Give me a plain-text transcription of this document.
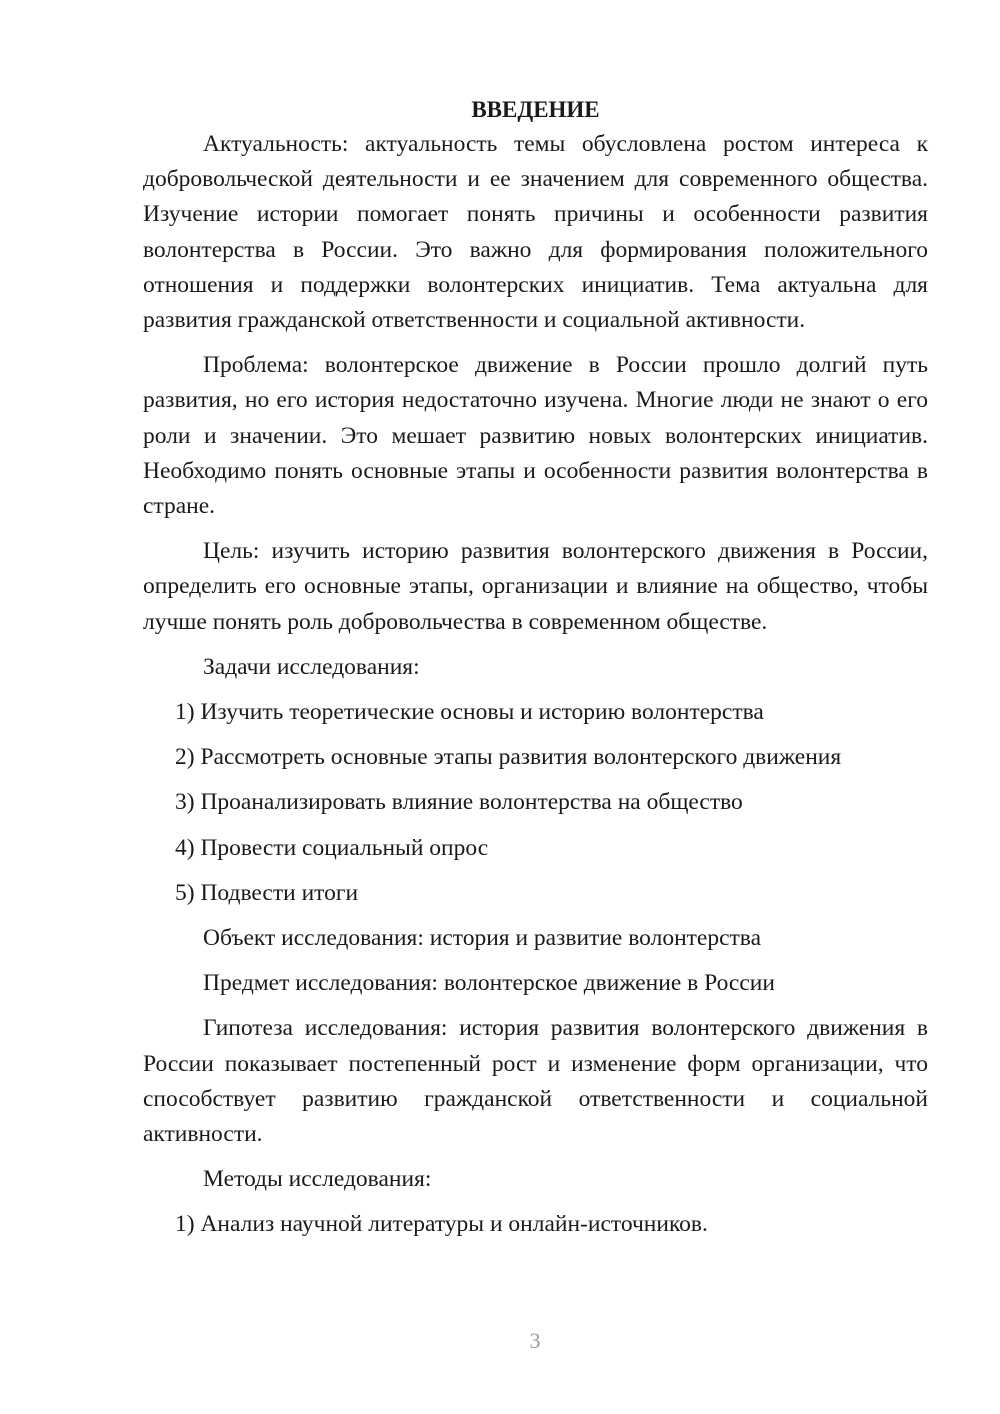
ВВЕДЕНИЕ

Актуальность: актуальность темы обусловлена ростом интереса к добровольческой деятельности и ее значением для современного общества. Изучение истории помогает понять причины и особенности развития волонтерства в России. Это важно для формирования положительного отношения и поддержки волонтерских инициатив. Тема актуальна для развития гражданской ответственности и социальной активности.

Проблема: волонтерское движение в России прошло долгий путь развития, но его история недостаточно изучена. Многие люди не знают о его роли и значении. Это мешает развитию новых волонтерских инициатив. Необходимо понять основные этапы и особенности развития волонтерства в стране.

Цель: изучить историю развития волонтерского движения в России, определить его основные этапы, организации и влияние на общество, чтобы лучше понять роль добровольчества в современном обществе.

Задачи исследования:

1) Изучить теоретические основы и историю волонтерства

2) Рассмотреть основные этапы развития волонтерского движения

3) Проанализировать влияние волонтерства на общество

4) Провести социальный опрос

5) Подвести итоги

Объект исследования: история и развитие волонтерства

Предмет исследования: волонтерское движение в России

Гипотеза исследования: история развития волонтерского движения в России показывает постепенный рост и изменение форм организации, что способствует развитию гражданской ответственности и социальной активности.

Методы исследования:

1) Анализ научной литературы и онлайн-источников.

3
